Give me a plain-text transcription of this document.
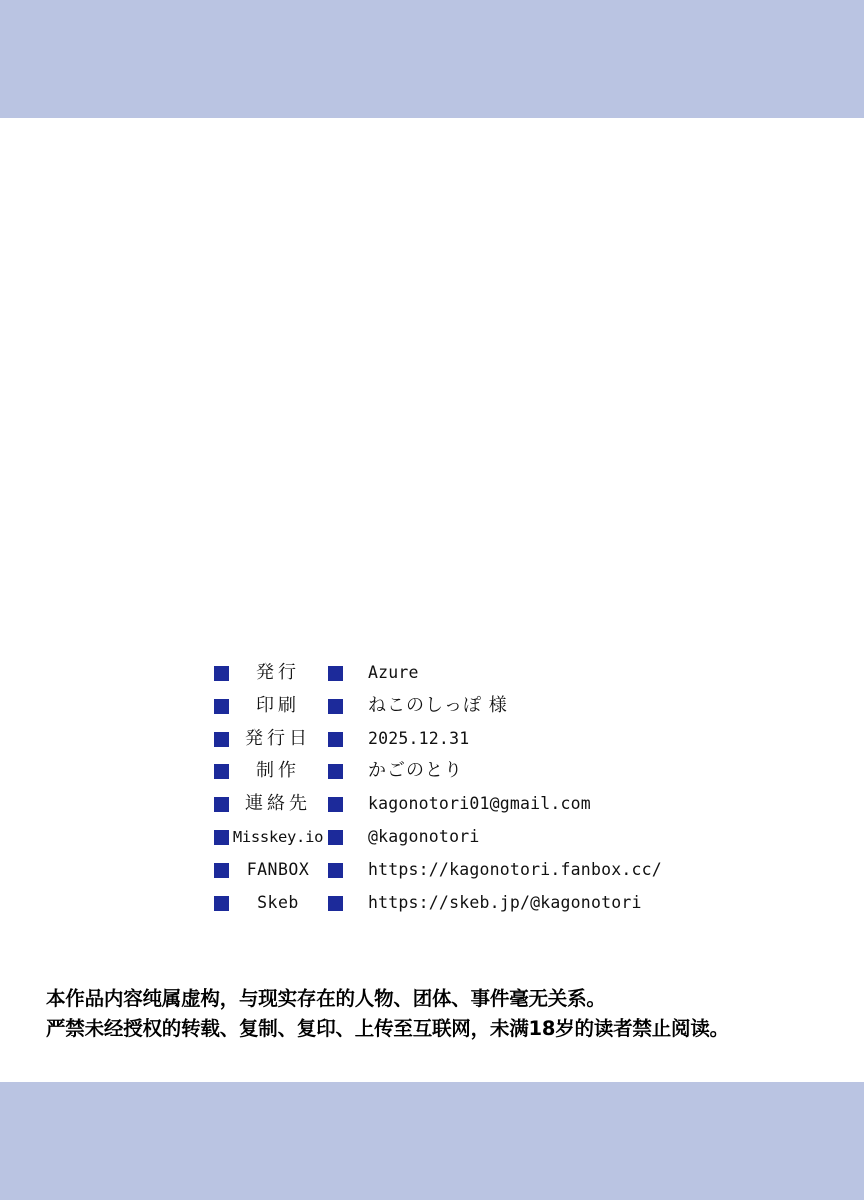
発行	Azure
印刷	ねこのしっぽ 様
発行日	2025.12.31
制作	かごのとり
連絡先	kagonotori01@gmail.com
Misskey.io	@kagonotori
FANBOX	https://kagonotori.fanbox.cc/
Skeb	https://skeb.jp/@kagonotori
本作品内容纯属虚构，与现实存在的人物、团体、事件毫无关系。
严禁未经授权的转载、复制、复印、上传至互联网，未满18岁的读者禁止阅读。
